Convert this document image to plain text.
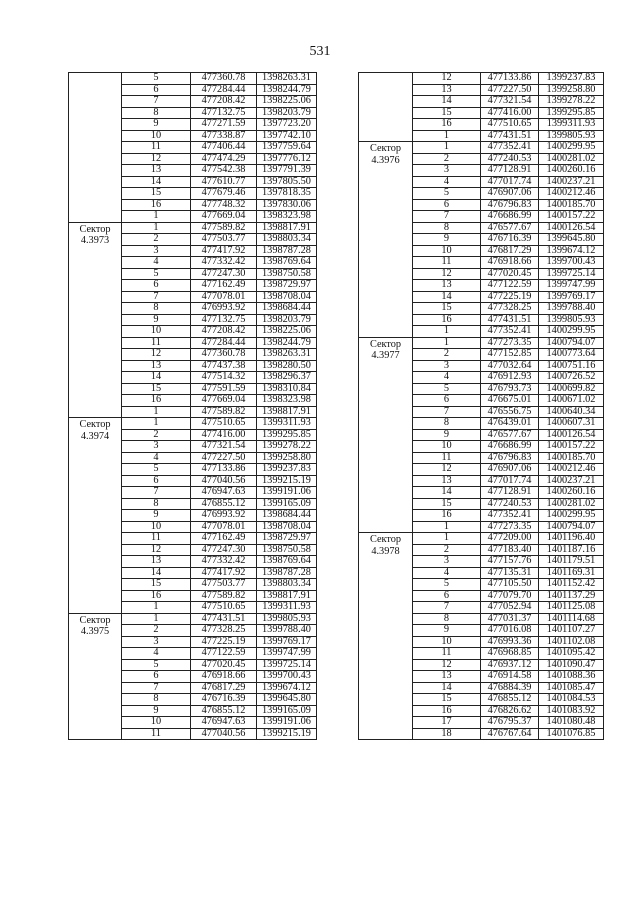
531
	5	477360.78	1398263.31
	6	477284.44	1398244.79
	7	477208.42	1398225.06
	8	477132.75	1398203.79
	9	477271.59	1397723.20
	10	477338.87	1397742.10
	11	477406.44	1397759.64
	12	477474.29	1397776.12
	13	477542.38	1397791.39
	14	477610.77	1397805.50
	15	477679.46	1397818.35
	16	477748.32	1397830.06
	1	477669.04	1398323.98
Сектор
4.3973	1	477589.82	1398817.91
	2	477503.77	1398803.34
	3	477417.92	1398787.28
	4	477332.42	1398769.64
	5	477247.30	1398750.58
	6	477162.49	1398729.97
	7	477078.01	1398708.04
	8	476993.92	1398684.44
	9	477132.75	1398203.79
	10	477208.42	1398225.06
	11	477284.44	1398244.79
	12	477360.78	1398263.31
	13	477437.38	1398280.50
	14	477514.32	1398296.37
	15	477591.59	1398310.84
	16	477669.04	1398323.98
	1	477589.82	1398817.91
Сектор
4.3974	1	477510.65	1399311.93
	2	477416.00	1399295.85
	3	477321.54	1399278.22
	4	477227.50	1399258.80
	5	477133.86	1399237.83
	6	477040.56	1399215.19
	7	476947.63	1399191.06
	8	476855.12	1399165.09
	9	476993.92	1398684.44
	10	477078.01	1398708.04
	11	477162.49	1398729.97
	12	477247.30	1398750.58
	13	477332.42	1398769.64
	14	477417.92	1398787.28
	15	477503.77	1398803.34
	16	477589.82	1398817.91
	1	477510.65	1399311.93
Сектор
4.3975	1	477431.51	1399805.93
	2	477328.25	1399788.40
	3	477225.19	1399769.17
	4	477122.59	1399747.99
	5	477020.45	1399725.14
	6	476918.66	1399700.43
	7	476817.29	1399674.12
	8	476716.39	1399645.80
	9	476855.12	1399165.09
	10	476947.63	1399191.06
	11	477040.56	1399215.19
	12	477133.86	1399237.83
	13	477227.50	1399258.80
	14	477321.54	1399278.22
	15	477416.00	1399295.85
	16	477510.65	1399311.93
	1	477431.51	1399805.93
Сектор
4.3976	1	477352.41	1400299.95
	2	477240.53	1400281.02
	3	477128.91	1400260.16
	4	477017.74	1400237.21
	5	476907.06	1400212.46
	6	476796.83	1400185.70
	7	476686.99	1400157.22
	8	476577.67	1400126.54
	9	476716.39	1399645.80
	10	476817.29	1399674.12
	11	476918.66	1399700.43
	12	477020.45	1399725.14
	13	477122.59	1399747.99
	14	477225.19	1399769.17
	15	477328.25	1399788.40
	16	477431.51	1399805.93
	1	477352.41	1400299.95
Сектор
4.3977	1	477273.35	1400794.07
	2	477152.85	1400773.64
	3	477032.64	1400751.16
	4	476912.93	1400726.52
	5	476793.73	1400699.82
	6	476675.01	1400671.02
	7	476556.75	1400640.34
	8	476439.01	1400607.31
	9	476577.67	1400126.54
	10	476686.99	1400157.22
	11	476796.83	1400185.70
	12	476907.06	1400212.46
	13	477017.74	1400237.21
	14	477128.91	1400260.16
	15	477240.53	1400281.02
	16	477352.41	1400299.95
	1	477273.35	1400794.07
Сектор
4.3978	1	477209.00	1401196.40
	2	477183.40	1401187.16
	3	477157.76	1401179.51
	4	477135.31	1401169.31
	5	477105.50	1401152.42
	6	477079.70	1401137.29
	7	477052.94	1401125.08
	8	477031.37	1401114.68
	9	477016.08	1401107.27
	10	476993.36	1401102.08
	11	476968.85	1401095.42
	12	476937.12	1401090.47
	13	476914.58	1401088.36
	14	476884.39	1401085.47
	15	476855.12	1401084.53
	16	476826.62	1401083.92
	17	476795.37	1401080.48
	18	476767.64	1401076.85
